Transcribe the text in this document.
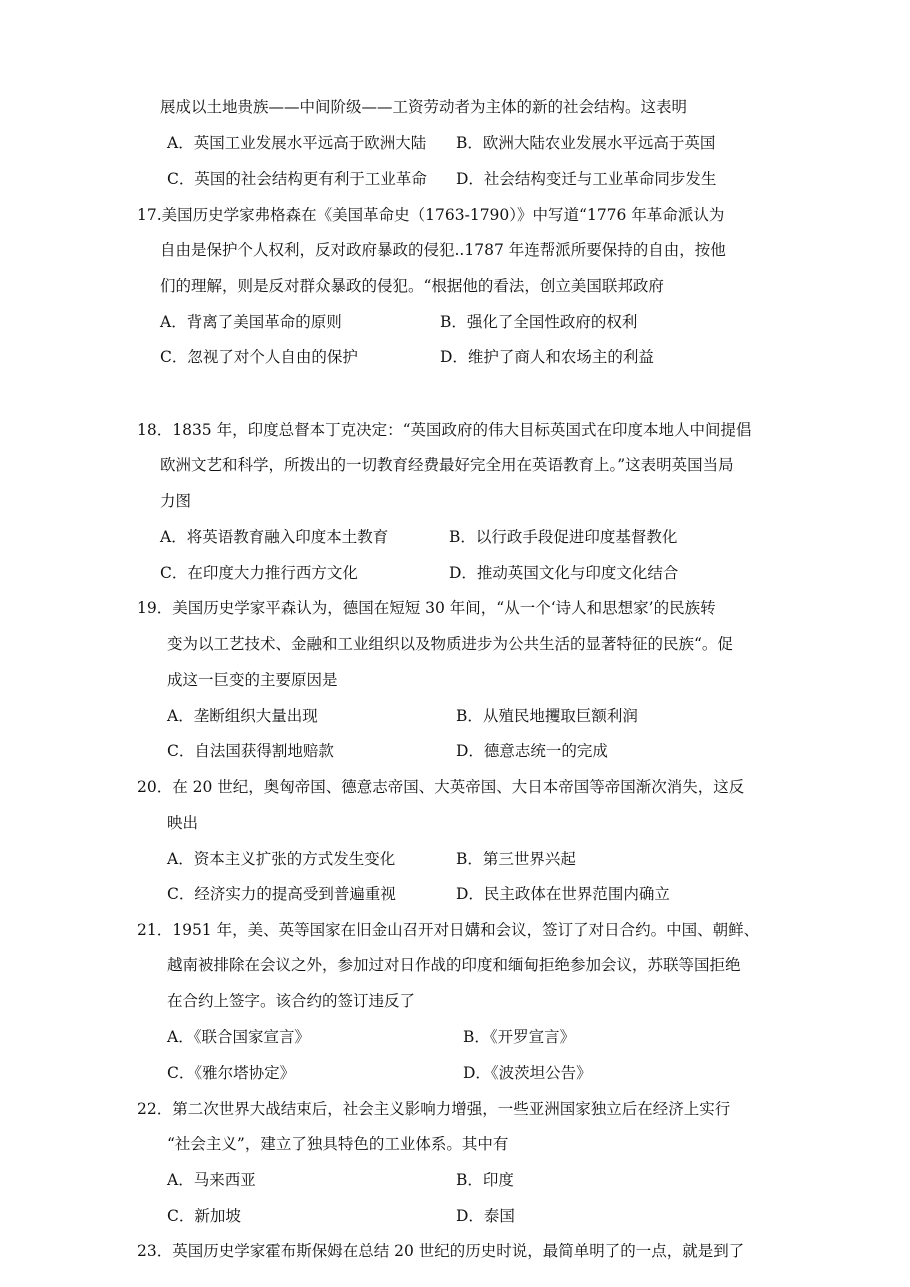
展成以土地贵族——中间阶级——工资劳动者为主体的新的社会结构。这表明
A．英国工业发展水平远高于欧洲大陆 B．欧洲大陆农业发展水平远高于英国
C．英国的社会结构更有利于工业革命 D．社会结构变迁与工业革命同步发生
17.美国历史学家弗格森在《美国革命史（1763-1790）》中写道“1776 年革命派认为
自由是保护个人权利，反对政府暴政的侵犯..1787 年连帮派所要保持的自由，按他
们的理解，则是反对群众暴政的侵犯。“根据他的看法，创立美国联邦政府
A．背离了美国革命的原则	B．强化了全国性政府的权利
C．忽视了对个人自由的保护	D．维护了商人和农场主的利益
18．1835 年，印度总督本丁克决定：“英国政府的伟大目标英国式在印度本地人中间提倡
欧洲文艺和科学，所拨出的一切教育经费最好完全用在英语教育上。”这表明英国当局
力图
A．将英语教育融入印度本土教育	B．以行政手段促进印度基督教化
C．在印度大力推行西方文化	D．推动英国文化与印度文化结合
19．美国历史学家平森认为，德国在短短 30 年间，“从一个‘诗人和思想家’的民族转
变为以工艺技术、金融和工业组织以及物质进步为公共生活的显著特征的民族“。促
成这一巨变的主要原因是
A．垄断组织大量出现	B．从殖民地攫取巨额利润
C．自法国获得割地赔款	D．德意志统一的完成
20．在 20 世纪，奥匈帝国、德意志帝国、大英帝国、大日本帝国等帝国渐次消失，这反
映出
A．资本主义扩张的方式发生变化	B．第三世界兴起
C．经济实力的提高受到普遍重视	D．民主政体在世界范围内确立
21．1951 年，美、英等国家在旧金山召开对日媾和会议，签订了对日合约。中国、朝鲜、
越南被排除在会议之外，参加过对日作战的印度和缅甸拒绝参加会议，苏联等国拒绝
在合约上签字。该合约的签订违反了
A．《联合国家宣言》	B．《开罗宣言》
C．《雅尔塔协定》	D．《波茨坦公告》
22．第二次世界大战结束后，社会主义影响力增强，一些亚洲国家独立后在经济上实行
“社会主义”，建立了独具特色的工业体系。其中有
A．马来西亚	B．印度
C．新加坡	D．泰国
23．英国历史学家霍布斯保姆在总结 20 世纪的历史时说，最简单明了的一点，就是到了
